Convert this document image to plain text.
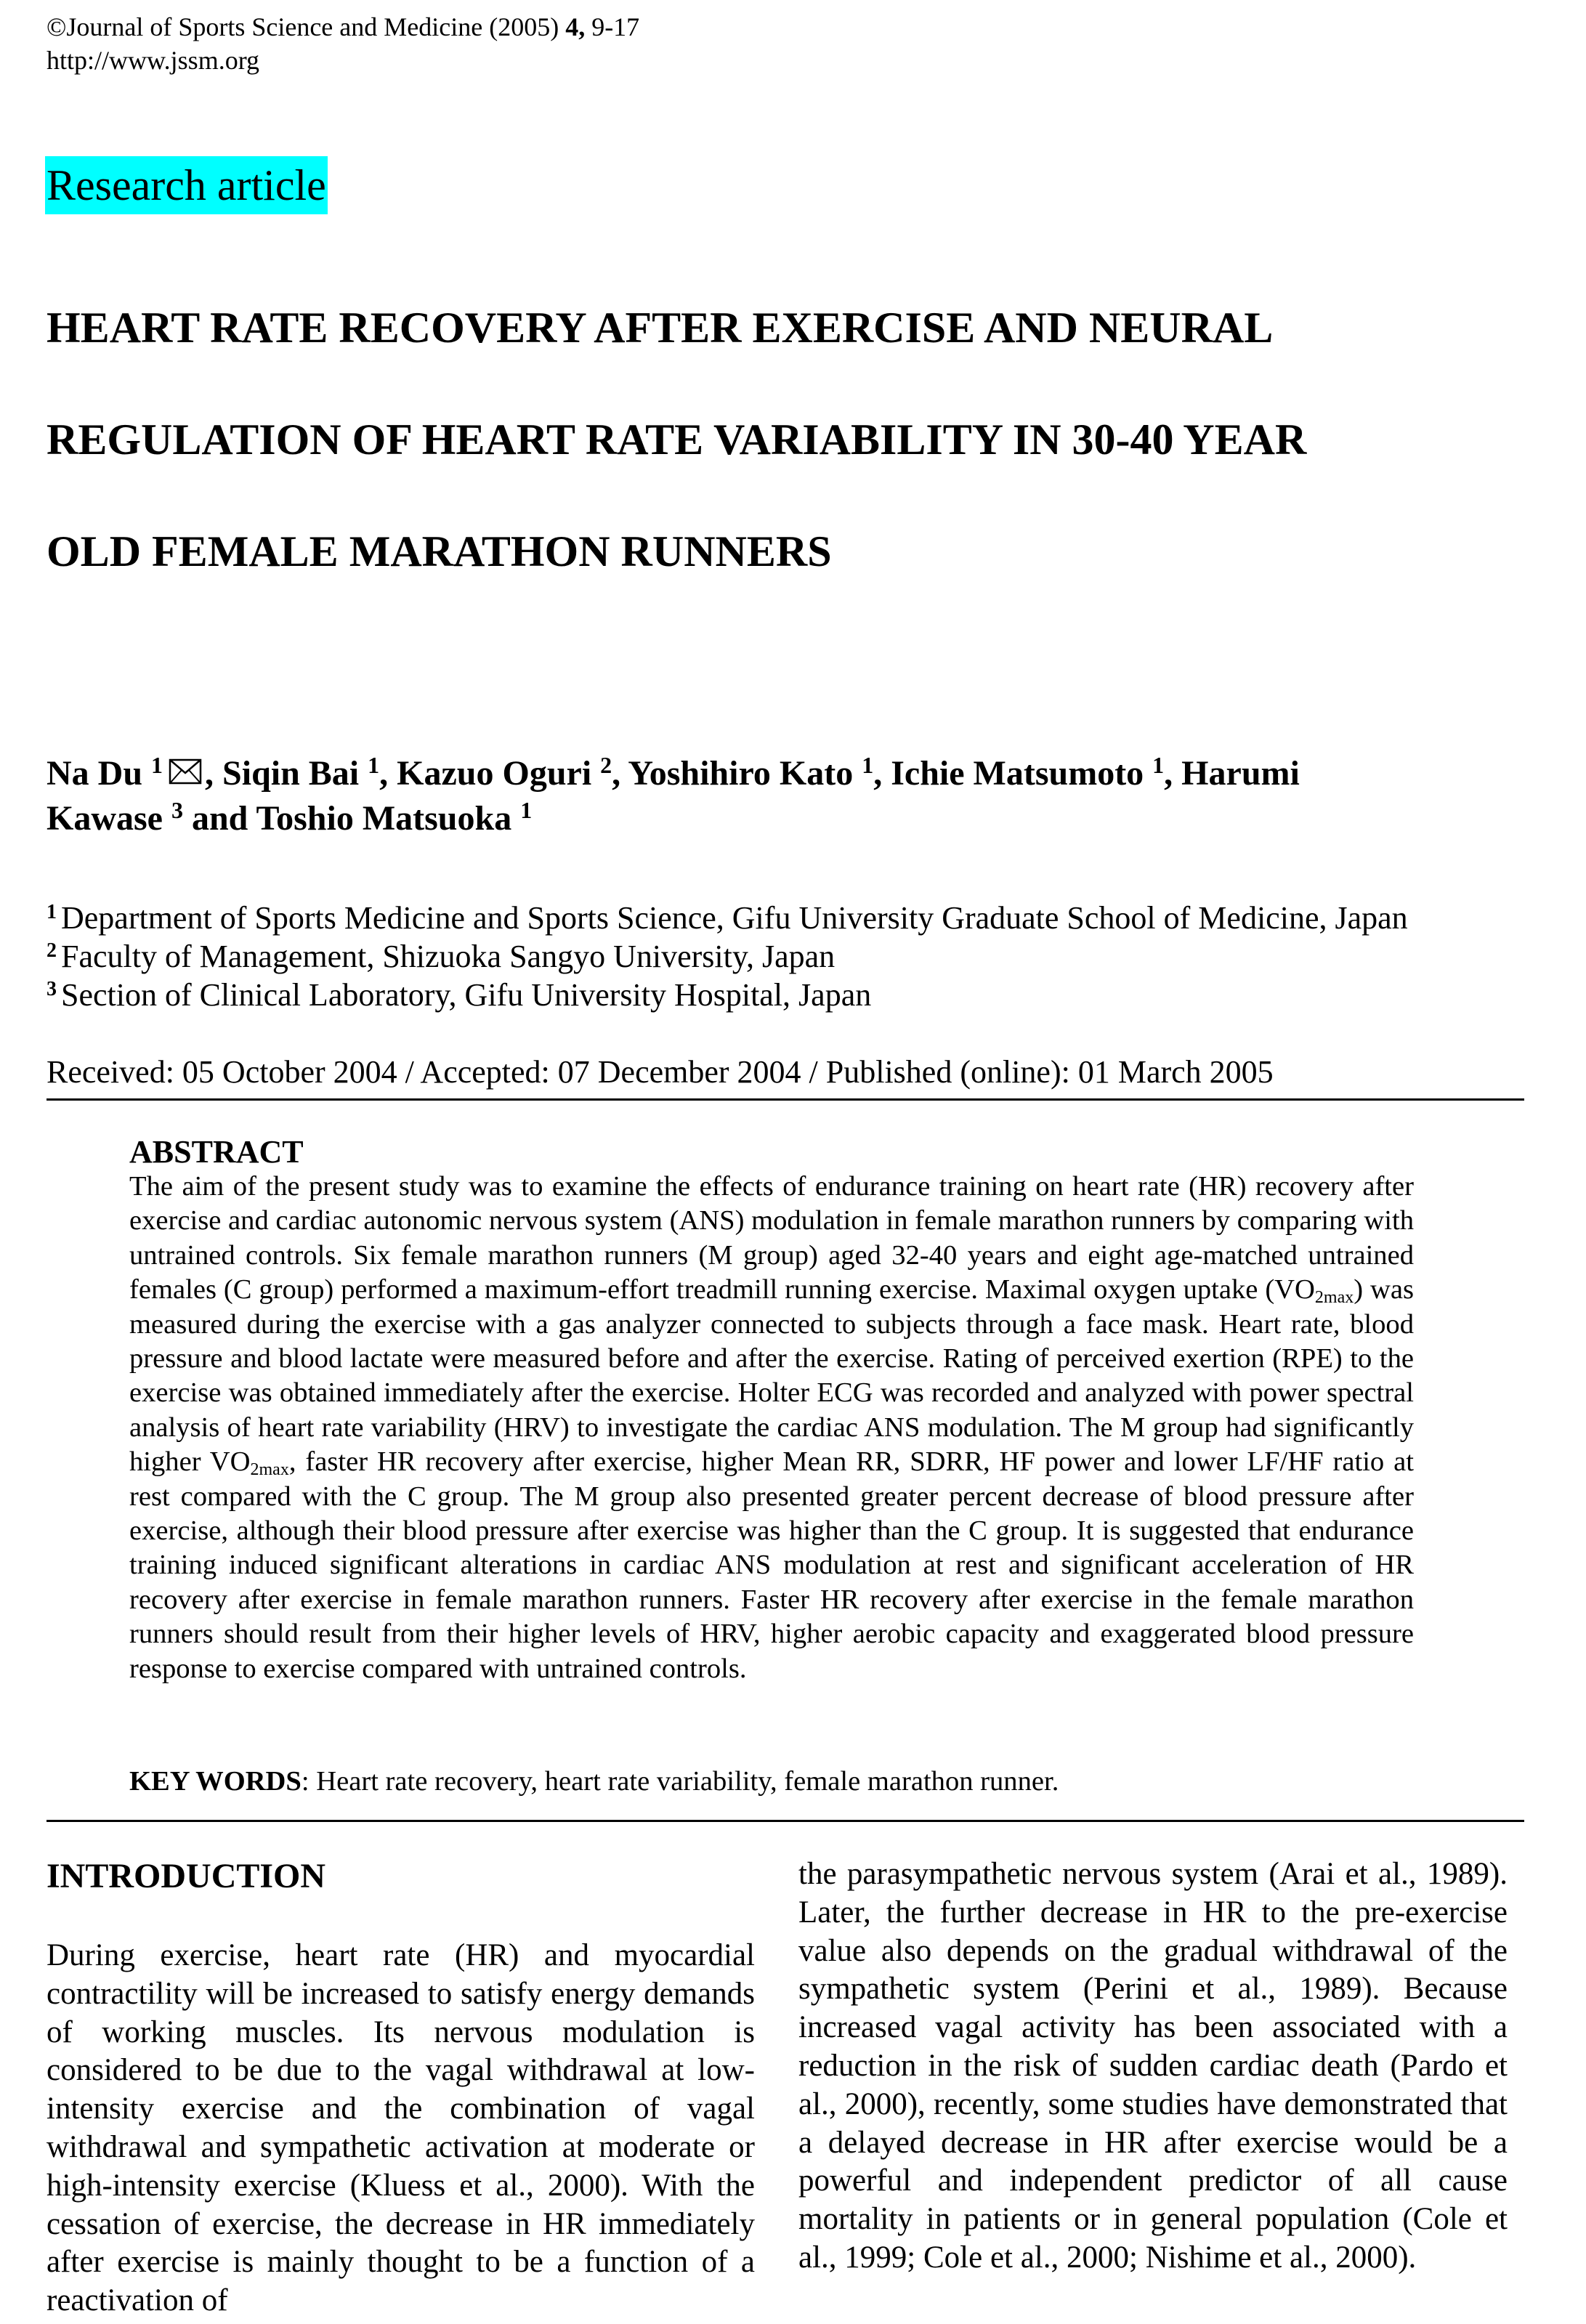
©Journal of Sports Science and Medicine (2005) 4, 9-17
http://www.jssm.org
Research article
HEART RATE RECOVERY AFTER EXERCISE AND NEURAL
REGULATION OF HEART RATE VARIABILITY IN 30-40 YEAR
OLD FEMALE MARATHON RUNNERS
Na Du $^1$ , Siqin Bai $^1$, Kazuo Oguri $^2$, Yoshihiro Kato $^1$, Ichie Matsumoto $^1$, Harumi
Kawase $^3$ and Toshio Matsuoka $^1$
$^1$ Department of Sports Medicine and Sports Science, Gifu University Graduate School of Medicine, Japan
$^2$ Faculty of Management, Shizuoka Sangyo University, Japan
$^3$ Section of Clinical Laboratory, Gifu University Hospital, Japan
Received: 05 October 2004 / Accepted: 07 December 2004 / Published (online): 01 March 2005
ABSTRACT
The aim of the present study was to examine the effects of endurance training on heart rate (HR) recovery after exercise and cardiac autonomic nervous system (ANS) modulation in female marathon runners by comparing with untrained controls. Six female marathon runners (M group) aged 32-40 years and eight age-matched untrained females (C group) performed a maximum-effort treadmill running exercise. Maximal oxygen uptake $(VO_{2max})$ was measured during the exercise with a gas analyzer connected to subjects through a face mask. Heart rate, blood pressure and blood lactate were measured before and after the exercise. Rating of perceived exertion (RPE) to the exercise was obtained immediately after the exercise. Holter ECG was recorded and analyzed with power spectral analysis of heart rate variability (HRV) to investigate the cardiac ANS modulation. The M group had significantly higher $VO_{2max}$, faster HR recovery after exercise, higher Mean RR, SDRR, HF power and lower LF/HF ratio at rest compared with the C group. The M group also presented greater percent decrease of blood pressure after exercise, although their blood pressure after exercise was higher than the C group. It is suggested that endurance training induced significant alterations in cardiac ANS modulation at rest and significant acceleration of HR recovery after exercise in female marathon runners. Faster HR recovery after exercise in the female marathon runners should result from their higher levels of HRV, higher aerobic capacity and exaggerated blood pressure response to exercise compared with untrained controls.
KEY WORDS: Heart rate recovery, heart rate variability, female marathon runner.
INTRODUCTION
During exercise, heart rate (HR) and myocardial contractility will be increased to satisfy energy demands of working muscles. Its nervous modulation is considered to be due to the vagal withdrawal at low-intensity exercise and the combination of vagal withdrawal and sympathetic activation at moderate or high-intensity exercise (Kluess et al., 2000). With the cessation of exercise, the decrease in HR immediately after exercise is mainly thought to be a function of a reactivation of
the parasympathetic nervous system (Arai et al., 1989). Later, the further decrease in HR to the pre-exercise value also depends on the gradual withdrawal of the sympathetic system (Perini et al., 1989). Because increased vagal activity has been associated with a reduction in the risk of sudden cardiac death (Pardo et al., 2000), recently, some studies have demonstrated that a delayed decrease in HR after exercise would be a powerful and independent predictor of all cause mortality in patients or in general population (Cole et al., 1999; Cole et al., 2000; Nishime et al., 2000).
